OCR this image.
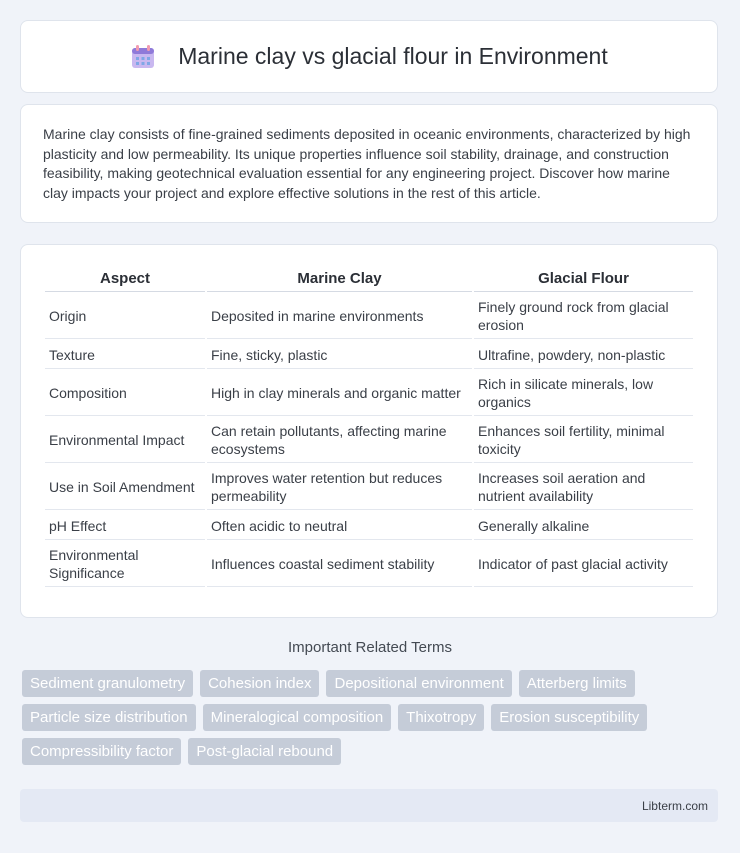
Marine clay vs glacial flour in Environment

Marine clay consists of fine-grained sediments deposited in oceanic environments, characterized by high plasticity and low permeability. Its unique properties influence soil stability, drainage, and construction feasibility, making geotechnical evaluation essential for any engineering project. Discover how marine clay impacts your project and explore effective solutions in the rest of this article.

Aspect	Marine Clay	Glacial Flour
Origin	Deposited in marine environments	Finely ground rock from glacial erosion
Texture	Fine, sticky, plastic	Ultrafine, powdery, non-plastic
Composition	High in clay minerals and organic matter	Rich in silicate minerals, low organics
Environmental Impact	Can retain pollutants, affecting marine ecosystems	Enhances soil fertility, minimal toxicity
Use in Soil Amendment	Improves water retention but reduces permeability	Increases soil aeration and nutrient availability
pH Effect	Often acidic to neutral	Generally alkaline
Environmental Significance	Influences coastal sediment stability	Indicator of past glacial activity
Important Related Terms
Sediment granulometry Cohesion index Depositional environment Atterberg limitsParticle size distribution Mineralogical composition Thixotropy Erosion susceptibilityCompressibility factor Post-glacial rebound
Libterm.com
